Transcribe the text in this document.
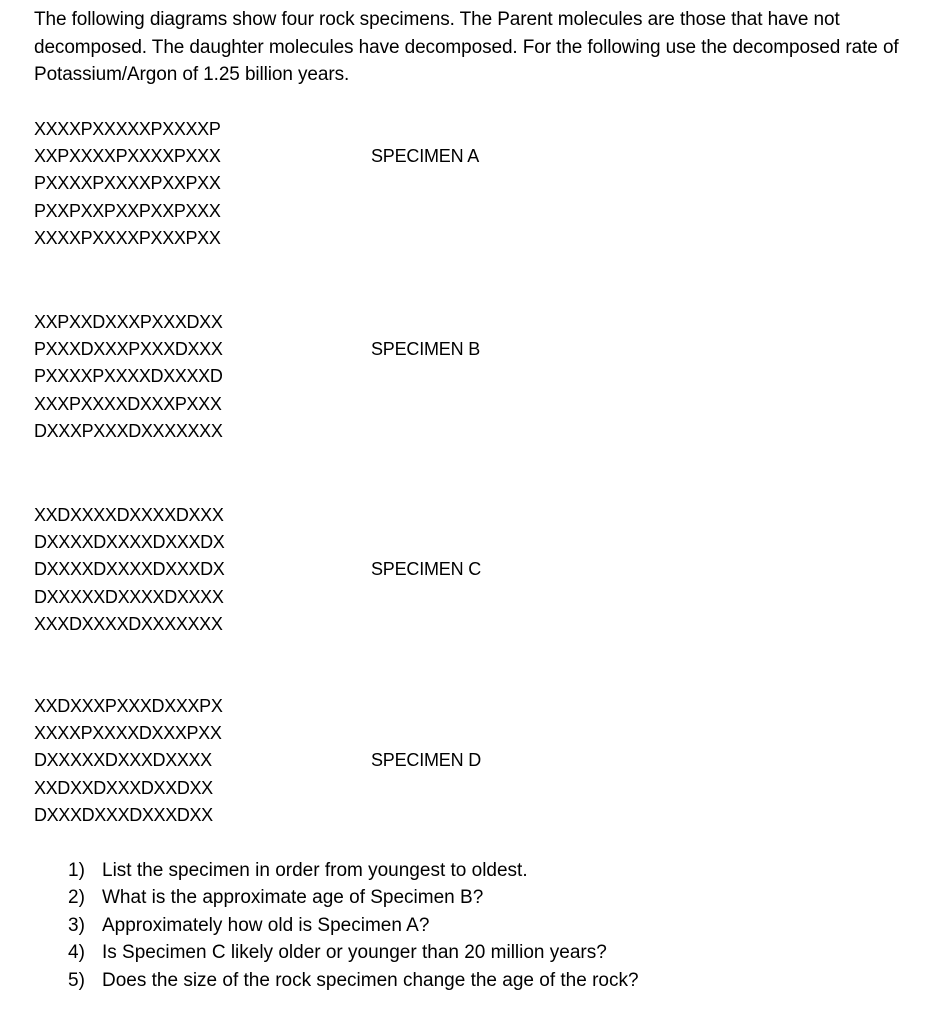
The following diagrams show four rock specimens. The Parent molecules are those that have not decomposed. The daughter molecules have decomposed. For the following use the decomposed rate of Potassium/Argon of 1.25 billion years.
XXXXPXXXXXPXXXXP
XXPXXXXPXXXXPXXX
PXXXXPXXXXPXXPXX
PXXPXXPXXPXXPXXX
XXXXPXXXXPXXXPXX
SPECIMEN A
XXPXXDXXXPXXXDXX
PXXXDXXXPXXXDXXX
PXXXXPXXXXDXXXXD
XXXPXXXXDXXXPXXX
DXXXPXXXDXXXXXXX
SPECIMEN B
XXDXXXXDXXXXDXXX
DXXXXDXXXXDXXXDX
DXXXXDXXXXDXXXDX
DXXXXXDXXXXDXXXX
XXXDXXXXDXXXXXXX
SPECIMEN C
XXDXXXPXXXDXXXPX
XXXXPXXXXDXXXPXX
DXXXXXDXXXDXXXX
XXDXXDXXXDXXDXX
DXXXDXXXDXXXDXX
SPECIMEN D
1) List the specimen in order from youngest to oldest.
2) What is the approximate age of Specimen B?
3) Approximately how old is Specimen A?
4) Is Specimen C likely older or younger than 20 million years?
5) Does the size of the rock specimen change the age of the rock?
